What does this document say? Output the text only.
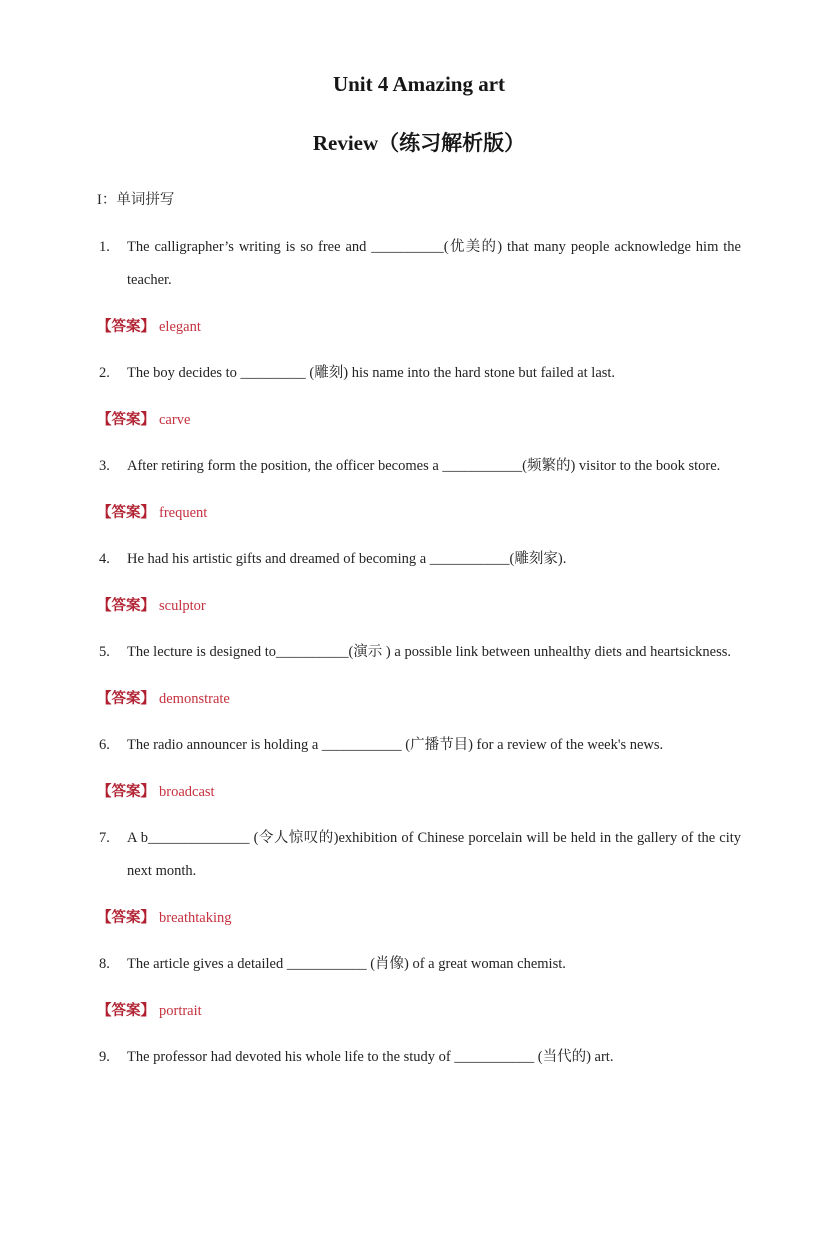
Unit 4 Amazing art
Review（练习解析版）
I：单词拼写

1. The calligrapher’s writing is so free and __________(优美的) that many people acknowledge him the teacher.

【答案】 elegant

2. The boy decides to _________ (雕刻) his name into the hard stone but failed at last.

【答案】 carve

3. After retiring form the position, the officer becomes a ___________(频繁的) visitor to the book store.

【答案】 frequent

4. He had his artistic gifts and dreamed of becoming a ___________(雕刻家).

【答案】 sculptor

5. The lecture is designed to__________(演示 ) a possible link between unhealthy diets and heartsickness.

【答案】 demonstrate

6. The radio announcer is holding a ___________ (广播节目) for a review of the week's news.

【答案】 broadcast

7. A b______________ (令人惊叹的)exhibition of Chinese porcelain will be held in the gallery of the city next month.

【答案】 breathtaking

8. The article gives a detailed ___________ (肖像) of a great woman chemist.

【答案】 portrait

9. The professor had devoted his whole life to the study of ___________ (当代的) art.
